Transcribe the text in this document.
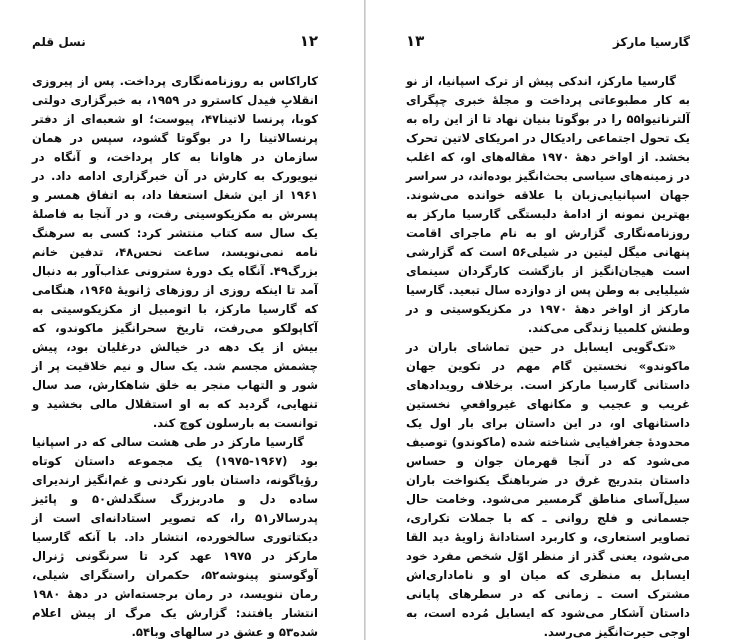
۱۲
نسل قلم

کاراکاس به روزنامه‌نگاری پرداخت. پس از پیروزی انقلابِ فیدل کاسترو در ۱۹۵۹، به خبرگزاری دولتی کوبا، پرنسا لاتینا۴۷، پیوست؛ او شعبه‌ای از دفتر پرنسالاتینا را در بوگوتا گشود، سپس در همان سازمان در هاوانا به کار پرداخت، و آنگاه در نیویورک به کارش در آن خبرگزاری ادامه داد. در ۱۹۶۱ از این شغل استعفا داد، به اتفاق همسر و پسرش به مکزیکوسیتی رفت، و در آنجا به فاصلهٔ یک سال سه کتاب منتشر کرد: کسی به سرهنگ نامه نمی‌نویسد، ساعت نحس۴۸، تدفین خانم بزرگ۴۹. آنگاه یک دورهٔ سترونی عذاب‌آور به دنبال آمد تا اینکه روزی از روزهای ژانویهٔ ۱۹۶۵، هنگامی که گارسیا مارکز، با اتومبیل از مکزیکوسیتی به آکاپولکو می‌رفت، تاریخ سحرانگیز ماکوندو، که بیش از یک دهه در خیالش درغلیان بود، پیش چشمش مجسم شد. یک سال و نیم خلاقیت پر از شور و التهاب منجر به خلق شاهکارش، صد سال تنهایی، گردید که به او استقلال مالی بخشید و توانست به بارسلون کوچ کند.

گارسیا مارکز در طی هشت سالی که در اسپانیا بود (۱۹۶۷-۱۹۷۵) یک مجموعه داستان کوتاه رؤیاگونه، داستان باور نکردنی و غم‌انگیز ارندیرای ساده دل و مادربزرگ سنگدلش۵۰ و پائیز پدرسالار۵۱ را، که تصویر استادانه‌ای است از دیکتاتوری سالخورده، انتشار داد. با آنکه گارسیا مارکز در ۱۹۷۵ عهد کرد تا سرنگونی ژنرال آوگوستو پینوشه۵۲، حکمران راستگرای شیلی، رمان ننویسد، در رمان برجسته‌اش در دههٔ ۱۹۸۰ انتشار یافتند: گزارش یک مرگ از پیش اعلام شده۵۳ و عشق در سالهای وبا۵۴.

گارسیا مارکز
۱۳

گارسیا مارکز، اندکی پیش از ترک اسپانیا، از نو به کار مطبوعاتی پرداخت و مجلهٔ خبری چپگرای آلترناتیوا۵۵ را در بوگوتا بنیان نهاد تا از این راه به یک تحول اجتماعی رادیکال در امریکای لاتین تحرک بخشد. از اواخر دههٔ ۱۹۷۰ مقاله‌های او، که اغلب در زمینه‌های سیاسی بحث‌انگیز بوده‌اند، در سراسر جهان اسپانیایی‌زبان با علاقه خوانده می‌شوند. بهترین نمونه از ادامهٔ دلبستگی گارسیا مارکز به روزنامه‌نگاری گزارش او به نام ماجرای اقامت پنهانی میگل لیتین در شیلی۵۶ است که گزارشی است هیجان‌انگیز از بازگشت کارگردان سینمای شیلیایی به وطن پس از دوازده سال تبعید. گارسیا مارکز از اواخر دههٔ ۱۹۷۰ در مکزیکوسیتی و در وطنش کلمبیا زندگی می‌کند.

«تک‌گویی ایسابل در حین تماشای باران در ماکوندو» نخستین گام مهم در تکوین جهان داستانی گارسیا مارکز است. برخلاف رویدادهای غریب و عجیب و مکانهای غیرواقعیِ نخستین داستانهای او، در این داستان برای بار اول یک محدودهٔ جغرافیایی شناخته شده (ماکوندو) توصیف می‌شود که در آنجا قهرمان جوان و حساس داستان بتدریج غرق در ضرباهنگ یکنواخت باران سیل‌آسای مناطق گرمسیر می‌شود. وخامت حال جسمانی و فلج روانی ـ که با جملات تکراری، تصاویر استعاری، و کاربرد استادانهٔ زاویهٔ دید القا می‌شود، یعنی گذر از منظر اوّل شخص مفرد خود ایسابل به منظری که میان او و ناماداری‌اش مشترک است ـ زمانی که در سطرهای پایانی داستان آشکار می‌شود که ایسابل مُرده است، به اوجی حیرت‌انگیز می‌رسد.
